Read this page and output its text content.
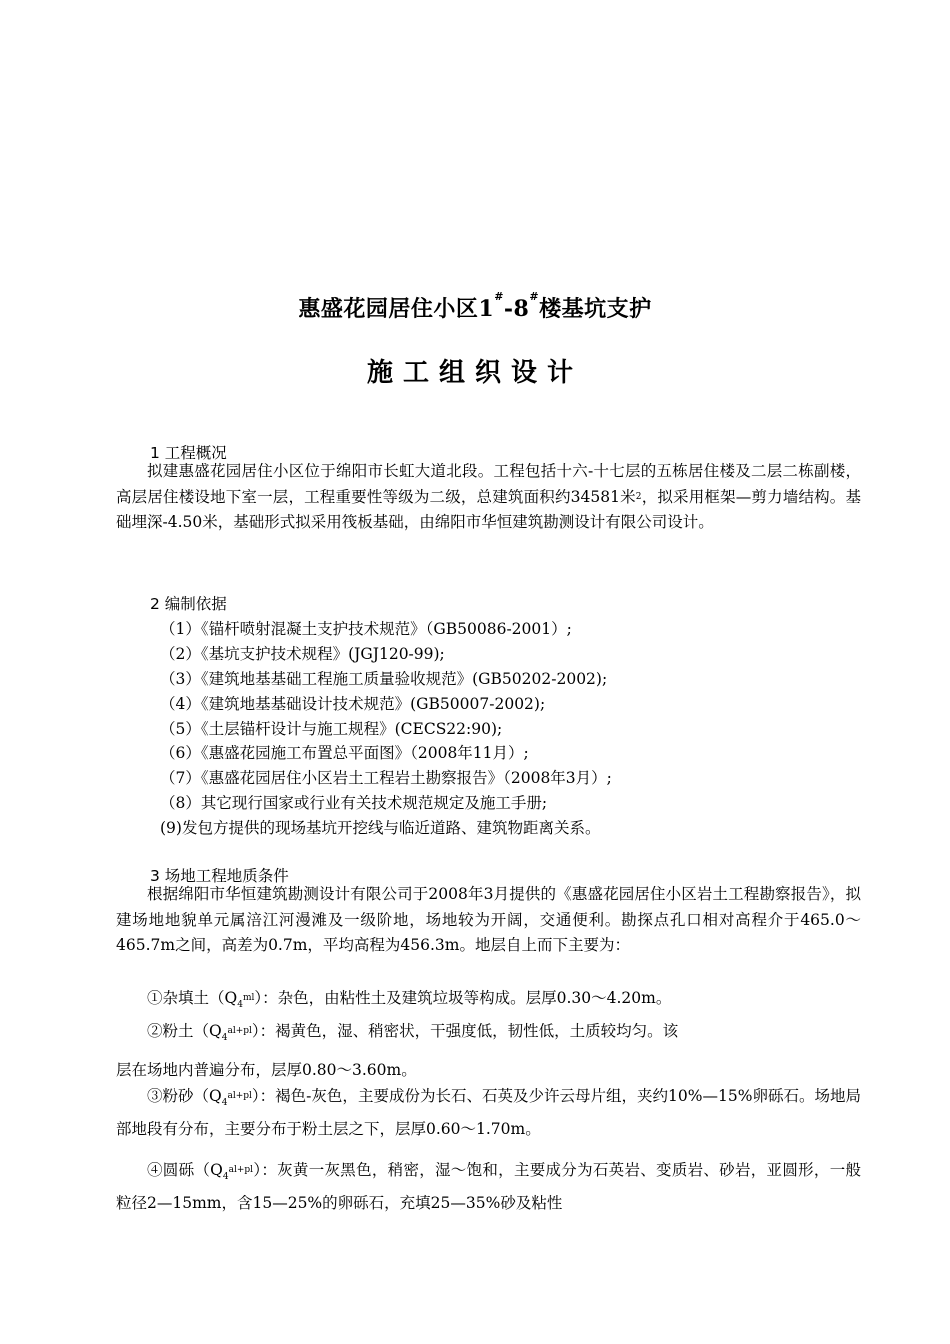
惠盛花园居住小区1#-8#楼基坑支护
施工组织设计
1 工程概况
拟建惠盛花园居住小区位于绵阳市长虹大道北段。工程包括十六-十七层的五栋居住楼及二层二栋副楼，高层居住楼设地下室一层，工程重要性等级为二级，总建筑面积约34581米$^2$，拟采用框架—剪力墙结构。基础埋深-4.50米，基础形式拟采用筏板基础，由绵阳市华恒建筑勘测设计有限公司设计。
2 编制依据
（1）《锚杆喷射混凝土支护技术规范》（GB50086-2001）;
（2）《基坑支护技术规程》(JGJ120-99);
（3）《建筑地基基础工程施工质量验收规范》(GB50202-2002);
（4）《建筑地基基础设计技术规范》(GB50007-2002);
（5）《土层锚杆设计与施工规程》(CECS22:90);
（6）《惠盛花园施工布置总平面图》（2008年11月）;
（7）《惠盛花园居住小区岩土工程岩土勘察报告》（2008年3月）;
（8）其它现行国家或行业有关技术规范规定及施工手册;
(9)发包方提供的现场基坑开挖线与临近道路、建筑物距离关系。
3 场地工程地质条件
根据绵阳市华恒建筑勘测设计有限公司于2008年3月提供的《惠盛花园居住小区岩土工程勘察报告》，拟建场地地貌单元属涪江河漫滩及一级阶地，场地较为开阔，交通便利。勘探点孔口相对高程介于465.0～465.7m之间，高差为0.7m，平均高程为456.3m。地层自上而下主要为：
①杂填土$(Q_4^{ml})$：杂色，由粘性土及建筑垃圾等构成。层厚0.30～4.20m。
②粉土$(Q_4^{al+pl})$：褐黄色，湿、稍密状，干强度低，韧性低，土质较均匀。该
层在场地内普遍分布，层厚0.80～3.60m。
③粉砂$(Q_4^{al+pl})$：褐色-灰色，主要成份为长石、石英及少许云母片组，夹约10%—15%卵砾石。场地局部地段有分布，主要分布于粉土层之下，层厚0.60～1.70m。
④圆砾$(Q_4^{al+pl})$：灰黄一灰黑色，稍密，湿～饱和，主要成分为石英岩、变质岩、砂岩，亚圆形，一般粒径2—15mm，含15—25%的卵砾石，充填25—35%砂及粘性
